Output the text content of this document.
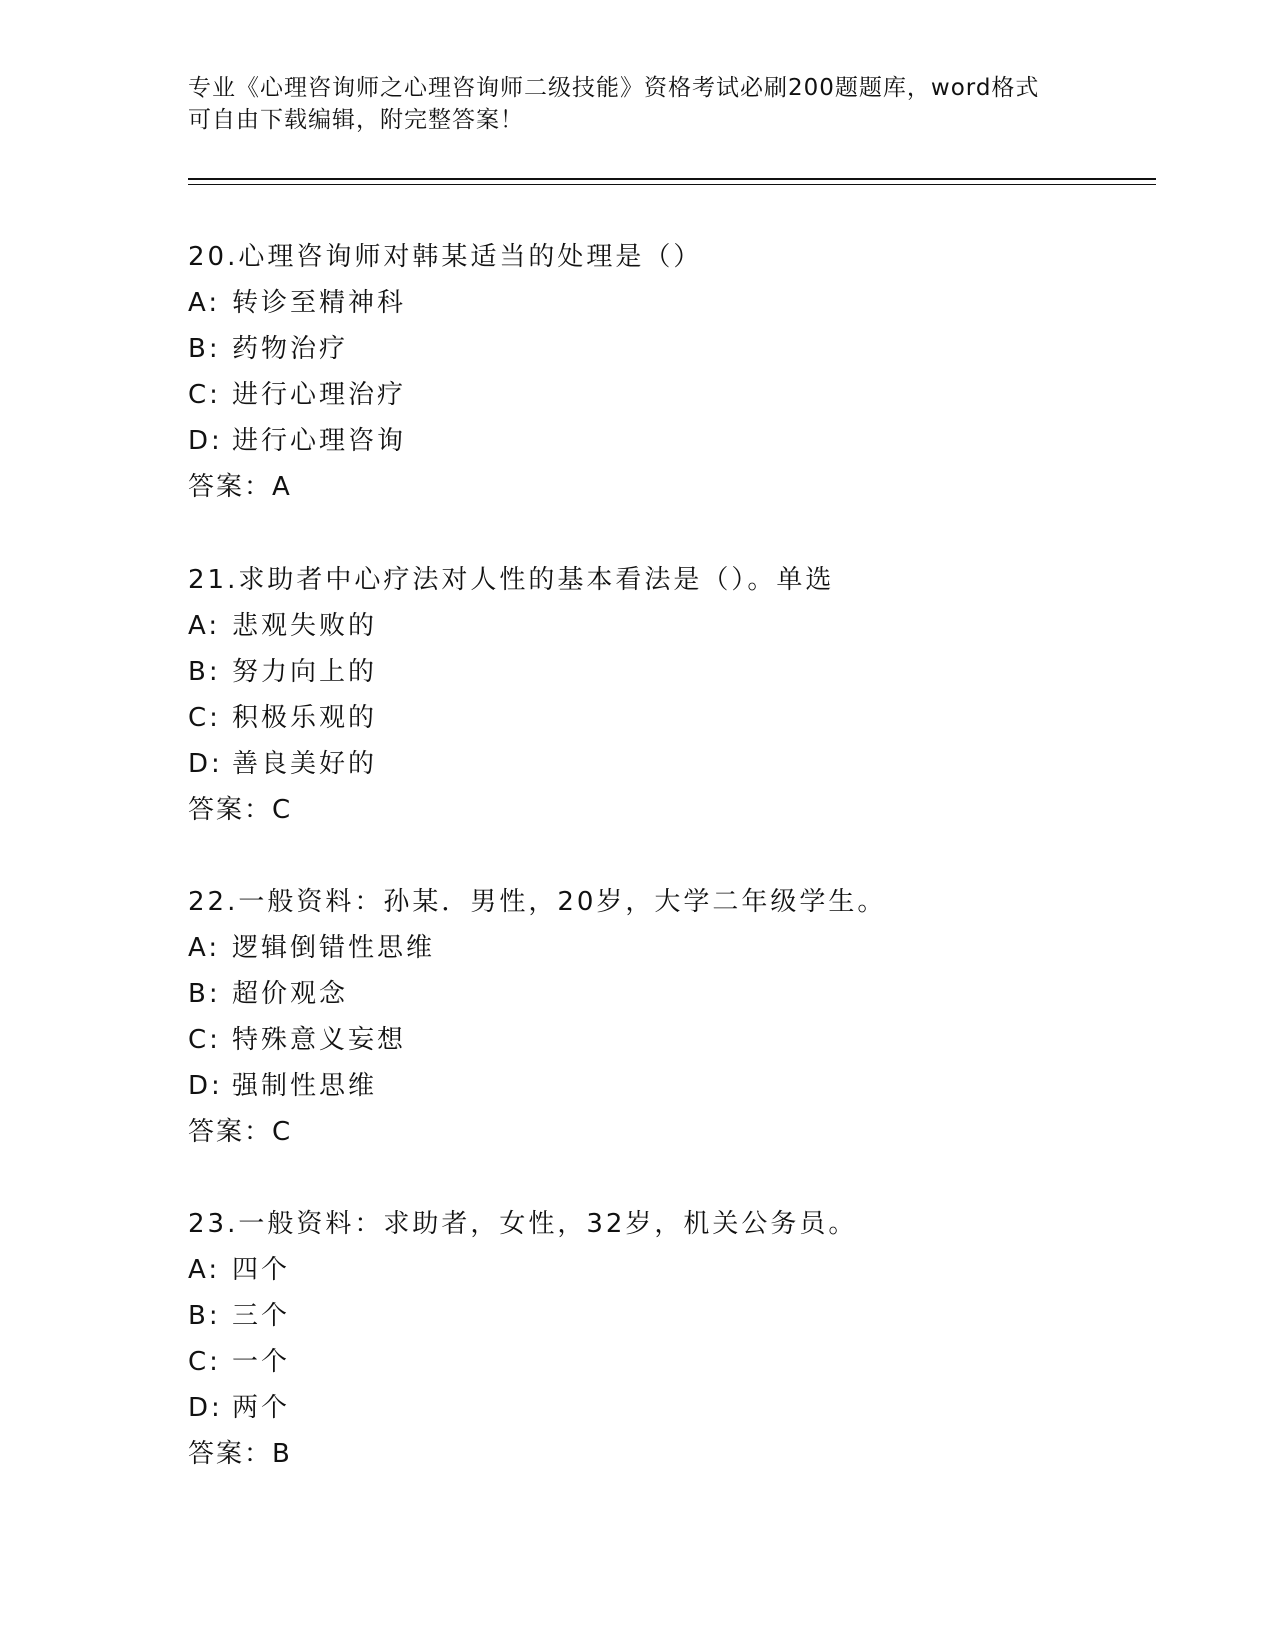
专业《心理咨询师之心理咨询师二级技能》资格考试必刷200题题库，word格式

可自由下载编辑，附完整答案！

20.心理咨询师对韩某适当的处理是（）
A: 转诊至精神科
B: 药物治疗
C: 进行心理治疗
D: 进行心理咨询
答案：A
21.求助者中心疗法对人性的基本看法是（）。单选
A: 悲观失败的
B: 努力向上的
C: 积极乐观的
D: 善良美好的
答案：C
22.一般资料：孙某．男性，20岁，大学二年级学生。
A: 逻辑倒错性思维
B: 超价观念
C: 特殊意义妄想
D: 强制性思维
答案：C
23.一般资料：求助者，女性，32岁，机关公务员。
A: 四个
B: 三个
C: 一个
D: 两个
答案：B
